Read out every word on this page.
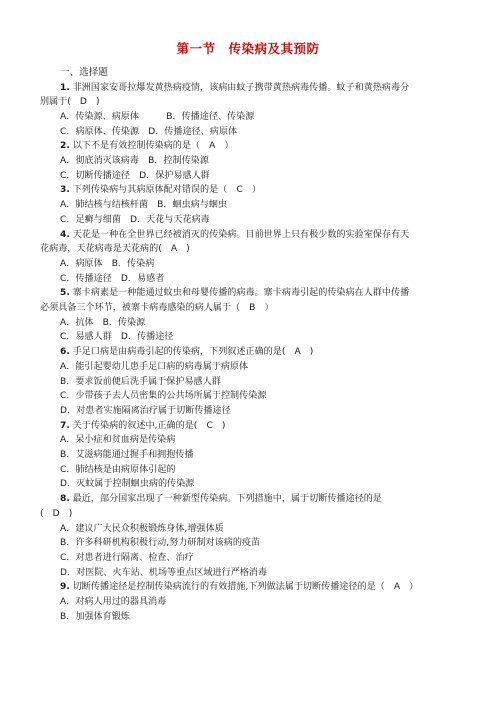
第一节　传染病及其预防
一、选择题
1. 非洲国家安哥拉爆发黄热病疫情，该病由蚊子携带黄热病毒传播。蚊子和黄热病毒分
别属于(　D　)
A．传染源、病原体　　　B．传播途径、传染源
C．病原体、传染源　D．传播途径、病原体
2. 以下不是有效控制传染病的是（　A　）
A．彻底消灭该病毒　B．控制传染源
C．切断传播途径　D．保护易感人群
3. 下列传染病与其病原体配对错误的是（　C　）
A．肺结核与结核杆菌　B．蛔虫病与蛔虫
C．足癣与细菌　D．天花与天花病毒
4. 天花是一种在全世界已经被消灭的传染病。目前世界上只有极少数的实验室保存有天
花病毒，天花病毒是天花病的(　A　)
A．病原体　B．传染病
C．传播途径　D．易感者
5. 寨卡病素是一种能通过蚊虫和母婴传播的病毒。寨卡病毒引起的传染病在人群中传播
必须具备三个环节，被寨卡病毒感染的病人属于（　B　）
A．抗体　B．传染源
C．易感人群　D．传播途径
6. 手足口病是由病毒引起的传染病，下列叙述正确的是(　A　)
A．能引起婴幼儿患手足口病的病毒属于病原体
B．要求饭前便后洗手属于保护易感人群
C．少带孩子去人员密集的公共场所属于控制传染源
D．对患者实施隔离治疗属于切断传播途径
7. 关于传染病的叙述中,正确的是(　C　)
A．呆小症和贫血病是传染病
B．艾滋病能通过握手和拥抱传播
C．肺结核是由病原体引起的
D．灭蚊属于控制蛔虫病的传染源
8. 最近，部分国家出现了一种新型传染病。下列措施中，属于切断传播途径的是
(　D　)
A．建议广大民众积极锻炼身体,增强体质
B．许多科研机构积极行动,努力研制对该病的疫苗
C．对患者进行隔离、检查、治疗
D．对医院、火车站、机场等重点区域进行严格消毒
9. 切断传播途径是控制传染病流行的有效措施,下列做法属于切断传播途径的是（　A　）
A．对病人用过的器具消毒
B．加强体育锻炼
